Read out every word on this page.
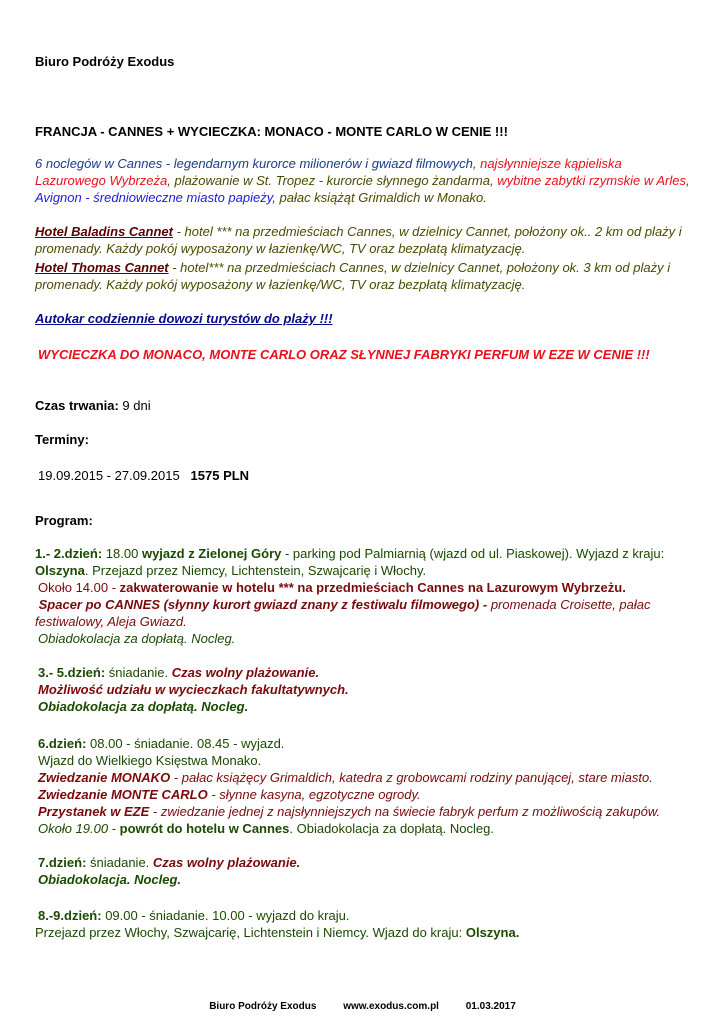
Biuro Podróży Exodus
FRANCJA - CANNES + WYCIECZKA: MONACO - MONTE CARLO W CENIE !!!
6 noclegów w Cannes - legendarnym kurorce milionerów i gwiazd filmowych, najsłynniejsze kąpieliska Lazurowego Wybrzeża, plażowanie w St. Tropez - kurorcie słynnego żandarma, wybitne zabytki rzymskie w Arles, Avignon - średniowieczne miasto papieży, pałac książąt Grimaldich w Monako.
Hotel Baladins Cannet - hotel *** na przedmieściach Cannes, w dzielnicy Cannet, położony ok.. 2 km od plaży i promenady. Każdy pokój wyposażony w łazienkę/WC, TV oraz bezpłatą klimatyzację.
Hotel Thomas Cannet - hotel*** na przedmieściach Cannes, w dzielnicy Cannet, położony ok. 3 km od plaży i promenady. Każdy pokój wyposażony w łazienkę/WC, TV oraz bezpłatą klimatyzację.
Autokar codziennie dowozi turystów do plaży !!!
WYCIECZKA DO MONACO, MONTE CARLO ORAZ SŁYNNEJ FABRYKI PERFUM W EZE W CENIE !!!
Czas trwania: 9 dni
Terminy:
19.09.2015 - 27.09.2015 1575 PLN
Program:
1.- 2.dzień: 18.00 wyjazd z Zielonej Góry - parking pod Palmiarnią (wjazd od ul. Piaskowej). Wyjazd z kraju: Olszyna. Przejazd przez Niemcy, Lichtenstein, Szwajcarię i Włochy.
Około 14.00 - zakwaterowanie w hotelu *** na przedmieściach Cannes na Lazurowym Wybrzeżu.
Spacer po CANNES (słynny kurort gwiazd znany z festiwalu filmowego) - promenada Croisette, pałac festiwalowy, Aleja Gwiazd.
Obiadokolacja za dopłatą. Nocleg.
3.- 5.dzień: śniadanie. Czas wolny plażowanie.
Możliwość udziału w wycieczkach fakultatywnych.
Obiadokolacja za dopłatą. Nocleg.
6.dzień: 08.00 - śniadanie. 08.45 - wyjazd.
Wjazd do Wielkiego Księstwa Monako.
Zwiedzanie MONAKO - pałac książęcy Grimaldich, katedra z grobowcami rodziny panującej, stare miasto.
Zwiedzanie MONTE CARLO - słynne kasyna, egzotyczne ogrody.
Przystanek w EZE - zwiedzanie jednej z najsłynniejszych na świecie fabryk perfum z możliwością zakupów.
Około 19.00 - powrót do hotelu w Cannes. Obiadokolacja za dopłatą. Nocleg.
7.dzień: śniadanie. Czas wolny plażowanie.
Obiadokolacja. Nocleg.
8.-9.dzień: 09.00 - śniadanie. 10.00 - wyjazd do kraju.
Przejazd przez Włochy, Szwajcarię, Lichtenstein i Niemcy. Wjazd do kraju: Olszyna.
Biuro Podróży Exodus	www.exodus.com.pl	01.03.2017
